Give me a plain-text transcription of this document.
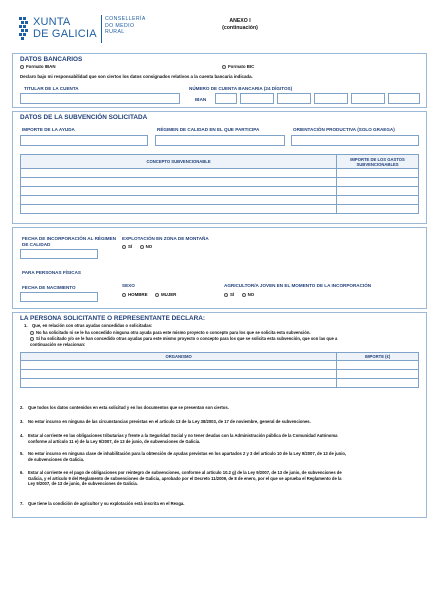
XUNTA
DE GALICIA
CONSELLERÍA
DO MEDIO
RURAL
ANEXO I
(continuación)
DATOS BANCARIOS
Formato IBAN	Formato BIC
Declaro bajo mi responsabilidad que son ciertos los datos consignados relativos a la cuenta bancaria indicada.
TITULAR DE LA CUENTA	NÚMERO DE CUENTA BANCARIA (24 DÍGITOS)
IBAN
DATOS DE LA SUBVENCIÓN SOLICITADA
IMPORTE DE LA AYUDA	RÉGIMEN DE CALIDAD EN EL QUE PARTICIPA	ORIENTACIÓN PRODUCTIVA (SOLO GRAEGA)
CONCEPTO SUBVENCIONABLE	IMPORTE DE LOS GASTOS SUBVENCIONABLES

FECHA DE INCORPORACIÓN AL RÉGIMEN DE CALIDAD
EXPLOTACIÓN EN ZONA DE MONTAÑA
SÍ	NO
PARA PERSONAS FÍSICAS
FECHA DE NACIMIENTO	SEXO
HOMBRE	MUJER
AGRICULTOR/A JOVEN EN EL MOMENTO DE LA INCORPORACIÓN
SÍ	NO
LA PERSONA SOLICITANTE O REPRESENTANTE DECLARA:
1. Que, en relación con otras ayudas concedidas o solicitadas:
No ha solicitado ni se le ha concedido ninguna otra ayuda para este mismo proyecto o concepto para los que se solicita esta subvención.
Sí ha solicitado y/o se le han concedido otras ayudas para este mismo proyecto o concepto para los que se solicita esta subvención, que son las que a
continuación se relacionan:
ORGANISMO	IMPORTE (€)

2. Que todos los datos contenidos en esta solicitud y en los documentos que se presentan son ciertos.
3. No estar incurso en ninguna de las circunstancias previstas en el artículo 13 de la Ley 38/2003, de 17 de noviembre, general de subvenciones.
4. Estar al corriente en las obligaciones tributarias y frente a la Seguridad Social y no tener deudas con la Administración pública de la Comunidad Autónoma
conforme al artículo 11 e) de la Ley 9/2007, de 13 de junio, de subvenciones de Galicia.
5. No estar incurso en ninguna clase de inhabilitación para la obtención de ayudas previstas en los apartados 2 y 3 del artículo 10 de la Ley 9/2007, de 13 de junio,
de subvenciones de Galicia.
6. Estar al corriente en el pago de obligaciones por reintegro de subvenciones, conforme al artículo 10.2 g) de la Ley 9/2007, de 13 de junio, de subvenciones de
Galicia, y el artículo 9 del Reglamento de subvenciones de Galicia, aprobado por el Decreto 11/2009, de 8 de enero, por el que se aprueba el Reglamento de la
Ley 9/2007, de 13 de junio, de subvenciones de Galicia.
7. Que tiene la condición de agricultor y su explotación está inscrita en el Rexga.
